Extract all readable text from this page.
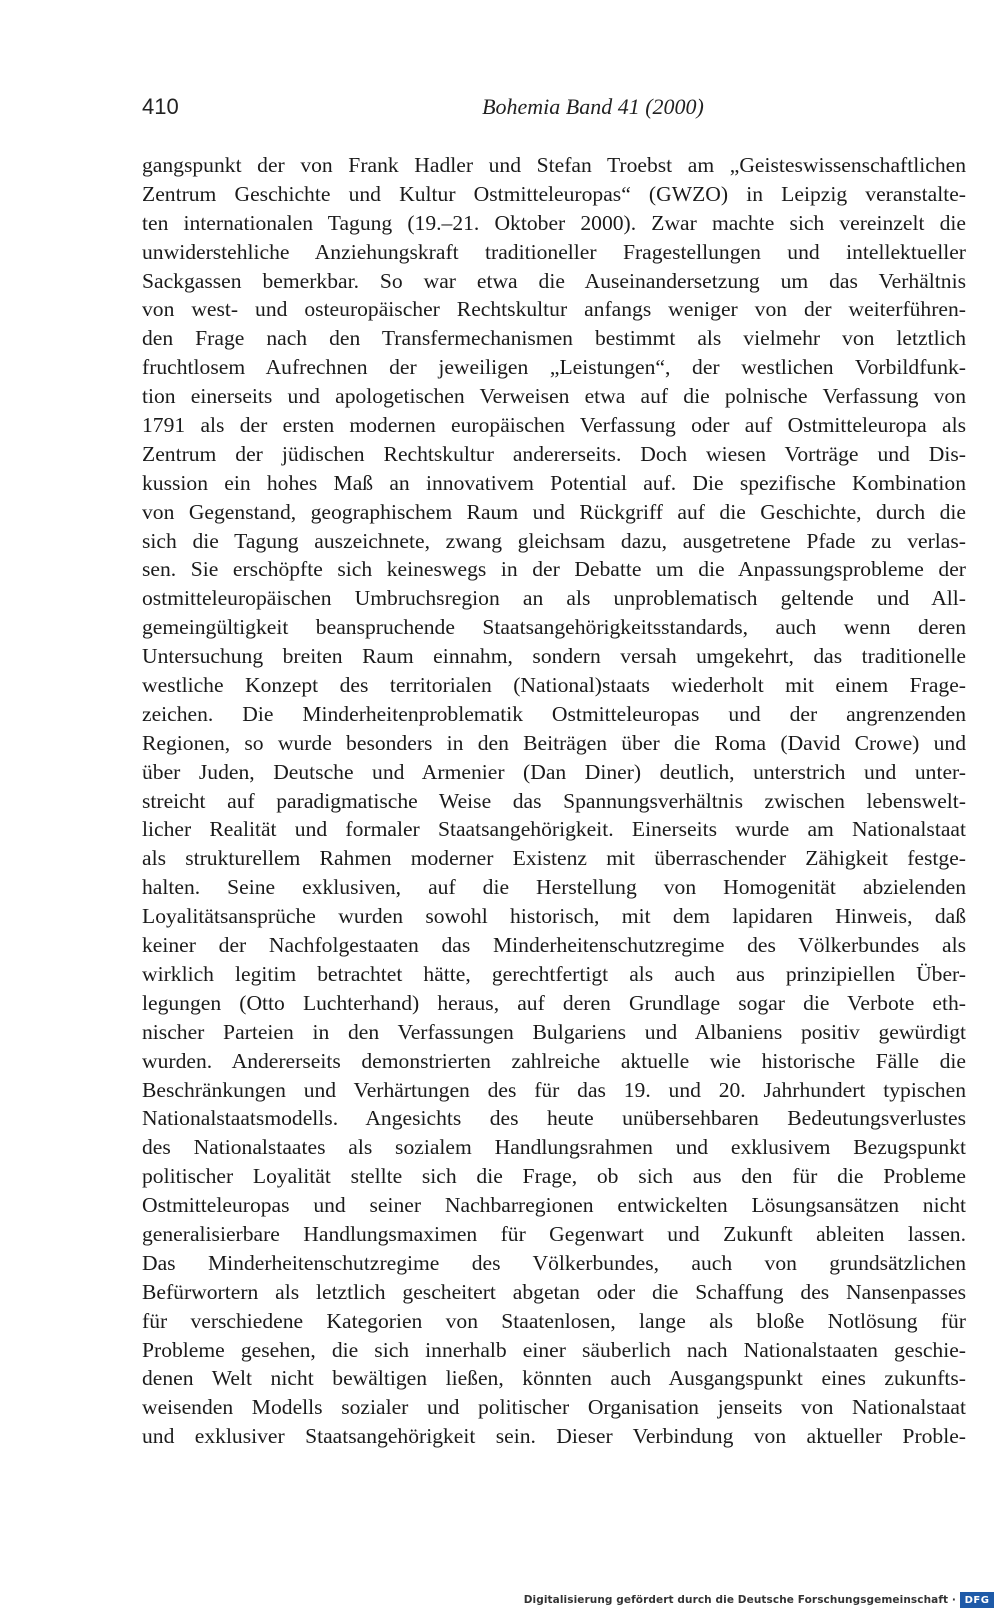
410	Bohemia Band 41 (2000)
gangspunkt der von Frank Hadler und Stefan Troebst am „Geisteswissenschaftlichen
Zentrum Geschichte und Kultur Ostmitteleuropas“ (GWZO) in Leipzig veranstalte-
ten internationalen Tagung (19.–21. Oktober 2000). Zwar machte sich vereinzelt die
unwiderstehliche Anziehungskraft traditioneller Fragestellungen und intellektueller
Sackgassen bemerkbar. So war etwa die Auseinandersetzung um das Verhältnis
von west- und osteuropäischer Rechtskultur anfangs weniger von der weiterführen-
den Frage nach den Transfermechanismen bestimmt als vielmehr von letztlich
fruchtlosem Aufrechnen der jeweiligen „Leistungen“, der westlichen Vorbildfunk-
tion einerseits und apologetischen Verweisen etwa auf die polnische Verfassung von
1791 als der ersten modernen europäischen Verfassung oder auf Ostmitteleuropa als
Zentrum der jüdischen Rechtskultur andererseits. Doch wiesen Vorträge und Dis-
kussion ein hohes Maß an innovativem Potential auf. Die spezifische Kombination
von Gegenstand, geographischem Raum und Rückgriff auf die Geschichte, durch die
sich die Tagung auszeichnete, zwang gleichsam dazu, ausgetretene Pfade zu verlas-
sen. Sie erschöpfte sich keineswegs in der Debatte um die Anpassungsprobleme der
ostmitteleuropäischen Umbruchsregion an als unproblematisch geltende und All-
gemeingültigkeit beanspruchende Staatsangehörigkeitsstandards, auch wenn deren
Untersuchung breiten Raum einnahm, sondern versah umgekehrt, das traditionelle
westliche Konzept des territorialen (National)staats wiederholt mit einem Frage-
zeichen. Die Minderheitenproblematik Ostmitteleuropas und der angrenzenden
Regionen, so wurde besonders in den Beiträgen über die Roma (David Crowe) und
über Juden, Deutsche und Armenier (Dan Diner) deutlich, unterstrich und unter-
streicht auf paradigmatische Weise das Spannungsverhältnis zwischen lebenswelt-
licher Realität und formaler Staatsangehörigkeit. Einerseits wurde am Nationalstaat
als strukturellem Rahmen moderner Existenz mit überraschender Zähigkeit festge-
halten. Seine exklusiven, auf die Herstellung von Homogenität abzielenden
Loyalitätsansprüche wurden sowohl historisch, mit dem lapidaren Hinweis, daß
keiner der Nachfolgestaaten das Minderheitenschutzregime des Völkerbundes als
wirklich legitim betrachtet hätte, gerechtfertigt als auch aus prinzipiellen Über-
legungen (Otto Luchterhand) heraus, auf deren Grundlage sogar die Verbote eth-
nischer Parteien in den Verfassungen Bulgariens und Albaniens positiv gewürdigt
wurden. Andererseits demonstrierten zahlreiche aktuelle wie historische Fälle die
Beschränkungen und Verhärtungen des für das 19. und 20. Jahrhundert typischen
Nationalstaatsmodells. Angesichts des heute unübersehbaren Bedeutungsverlustes
des Nationalstaates als sozialem Handlungsrahmen und exklusivem Bezugspunkt
politischer Loyalität stellte sich die Frage, ob sich aus den für die Probleme
Ostmitteleuropas und seiner Nachbarregionen entwickelten Lösungsansätzen nicht
generalisierbare Handlungsmaximen für Gegenwart und Zukunft ableiten lassen.
Das Minderheitenschutzregime des Völkerbundes, auch von grundsätzlichen
Befürwortern als letztlich gescheitert abgetan oder die Schaffung des Nansenpasses
für verschiedene Kategorien von Staatenlosen, lange als bloße Notlösung für
Probleme gesehen, die sich innerhalb einer säuberlich nach Nationalstaaten geschie-
denen Welt nicht bewältigen ließen, könnten auch Ausgangspunkt eines zukunfts-
weisenden Modells sozialer und politischer Organisation jenseits von Nationalstaat
und exklusiver Staatsangehörigkeit sein. Dieser Verbindung von aktueller Proble-
Digitalisierung gefördert durch die Deutsche Forschungsgemeinschaft · DFG
